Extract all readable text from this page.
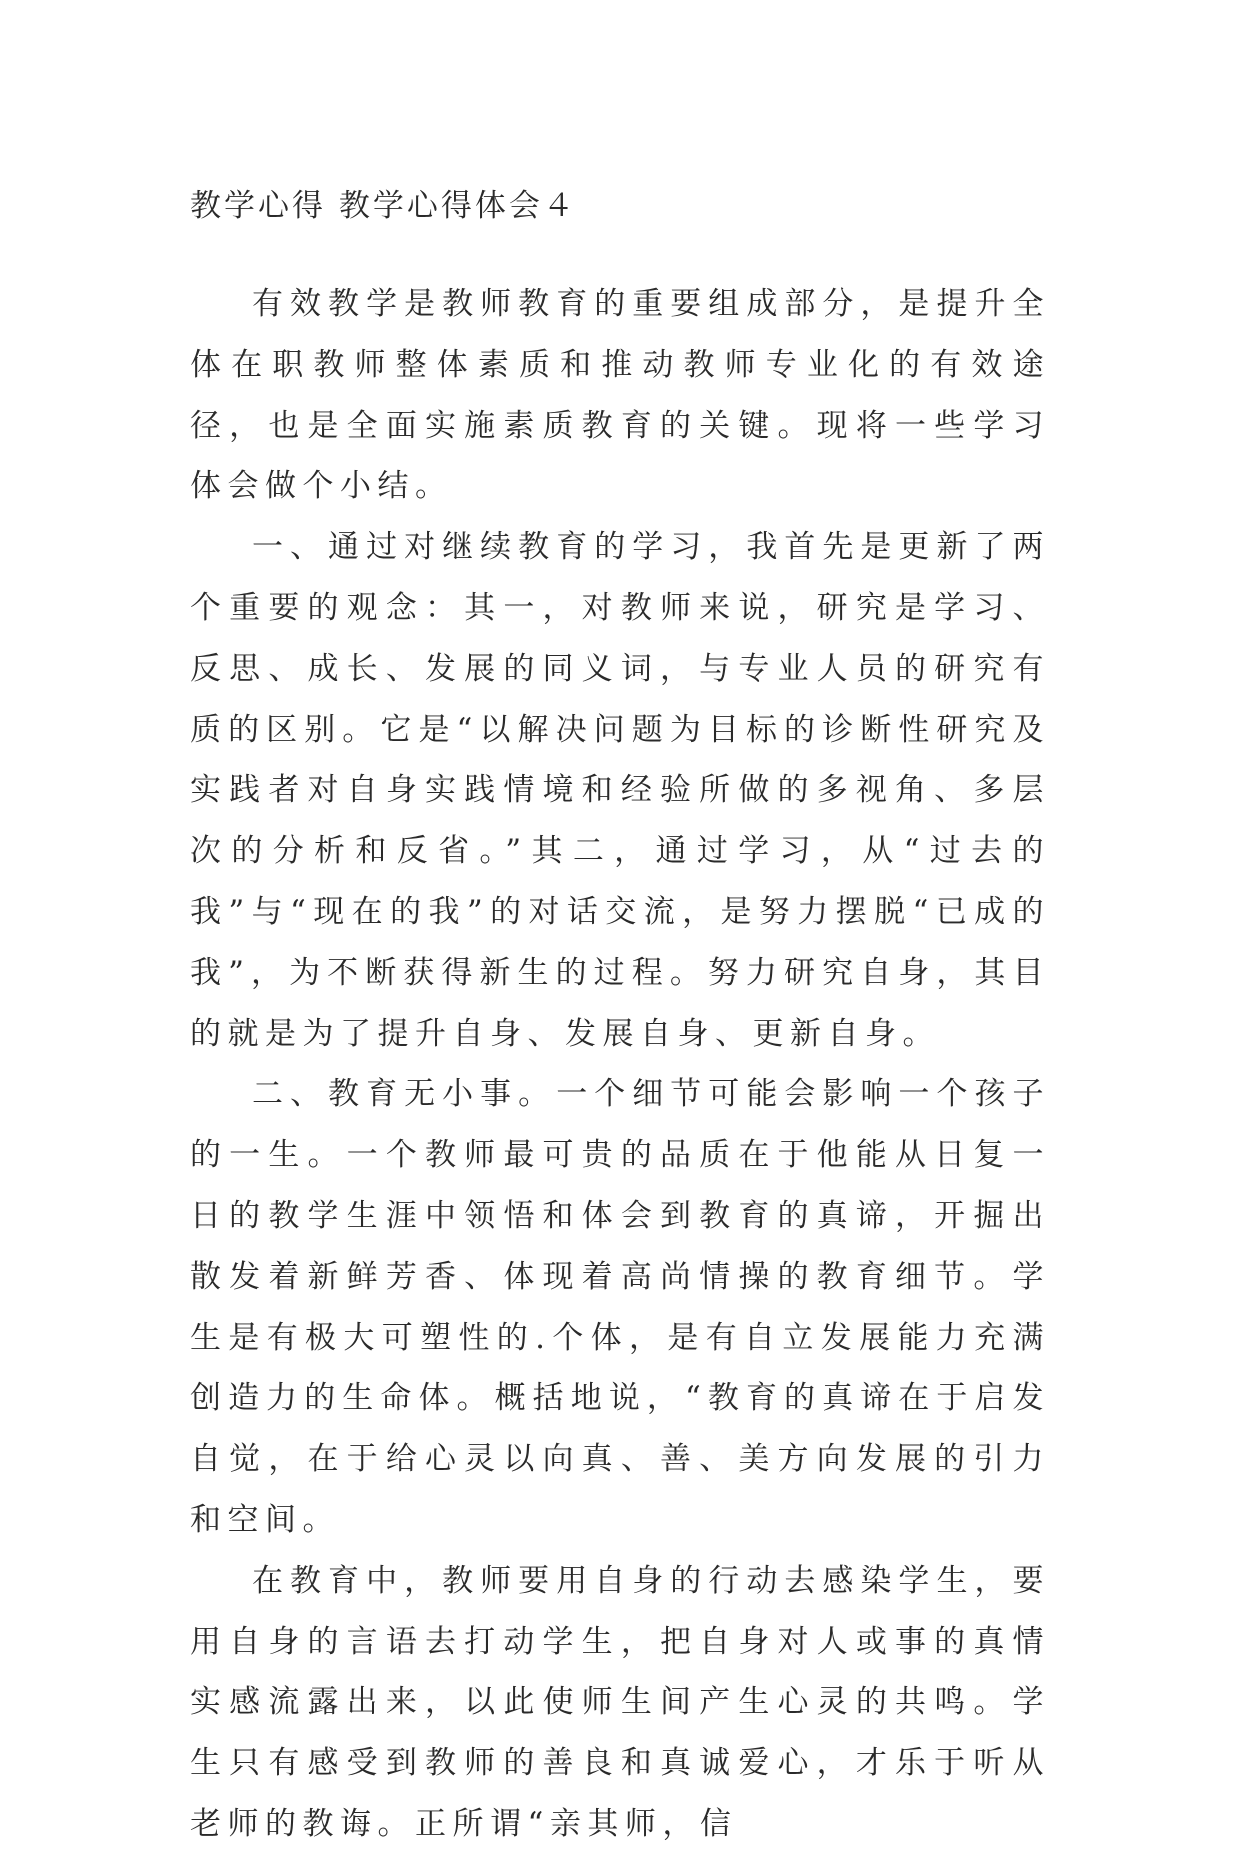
教学心得 教学心得体会４

有效教学是教师教育的重要组成部分，是提升全体在职教师整体素质和推动教师专业化的有效途径，也是全面实施素质教育的关键。现将一些学习体会做个小结。

一、通过对继续教育的学习，我首先是更新了两个重要的观念：其一，对教师来说，研究是学习、反思、成长、发展的同义词，与专业人员的研究有质的区别。它是“以解决问题为目标的诊断性研究及实践者对自身实践情境和经验所做的多视角、多层次的分析和反省。”其二，通过学习，从“过去的我”与“现在的我”的对话交流，是努力摆脱“已成的我”，为不断获得新生的过程。努力研究自身，其目的就是为了提升自身、发展自身、更新自身。

二、教育无小事。一个细节可能会影响一个孩子的一生。一个教师最可贵的品质在于他能从日复一日的教学生涯中领悟和体会到教育的真谛，开掘出散发着新鲜芳香、体现着高尚情操的教育细节。学生是有极大可塑性的.个体，是有自立发展能力充满创造力的生命体。概括地说，“教育的真谛在于启发自觉，在于给心灵以向真、善、美方向发展的引力和空间。

在教育中，教师要用自身的行动去感染学生，要用自身的言语去打动学生，把自身对人或事的真情实感流露出来，以此使师生间产生心灵的共鸣。学生只有感受到教师的善良和真诚爱心，才乐于听从老师的教诲。正所谓“亲其师，信
